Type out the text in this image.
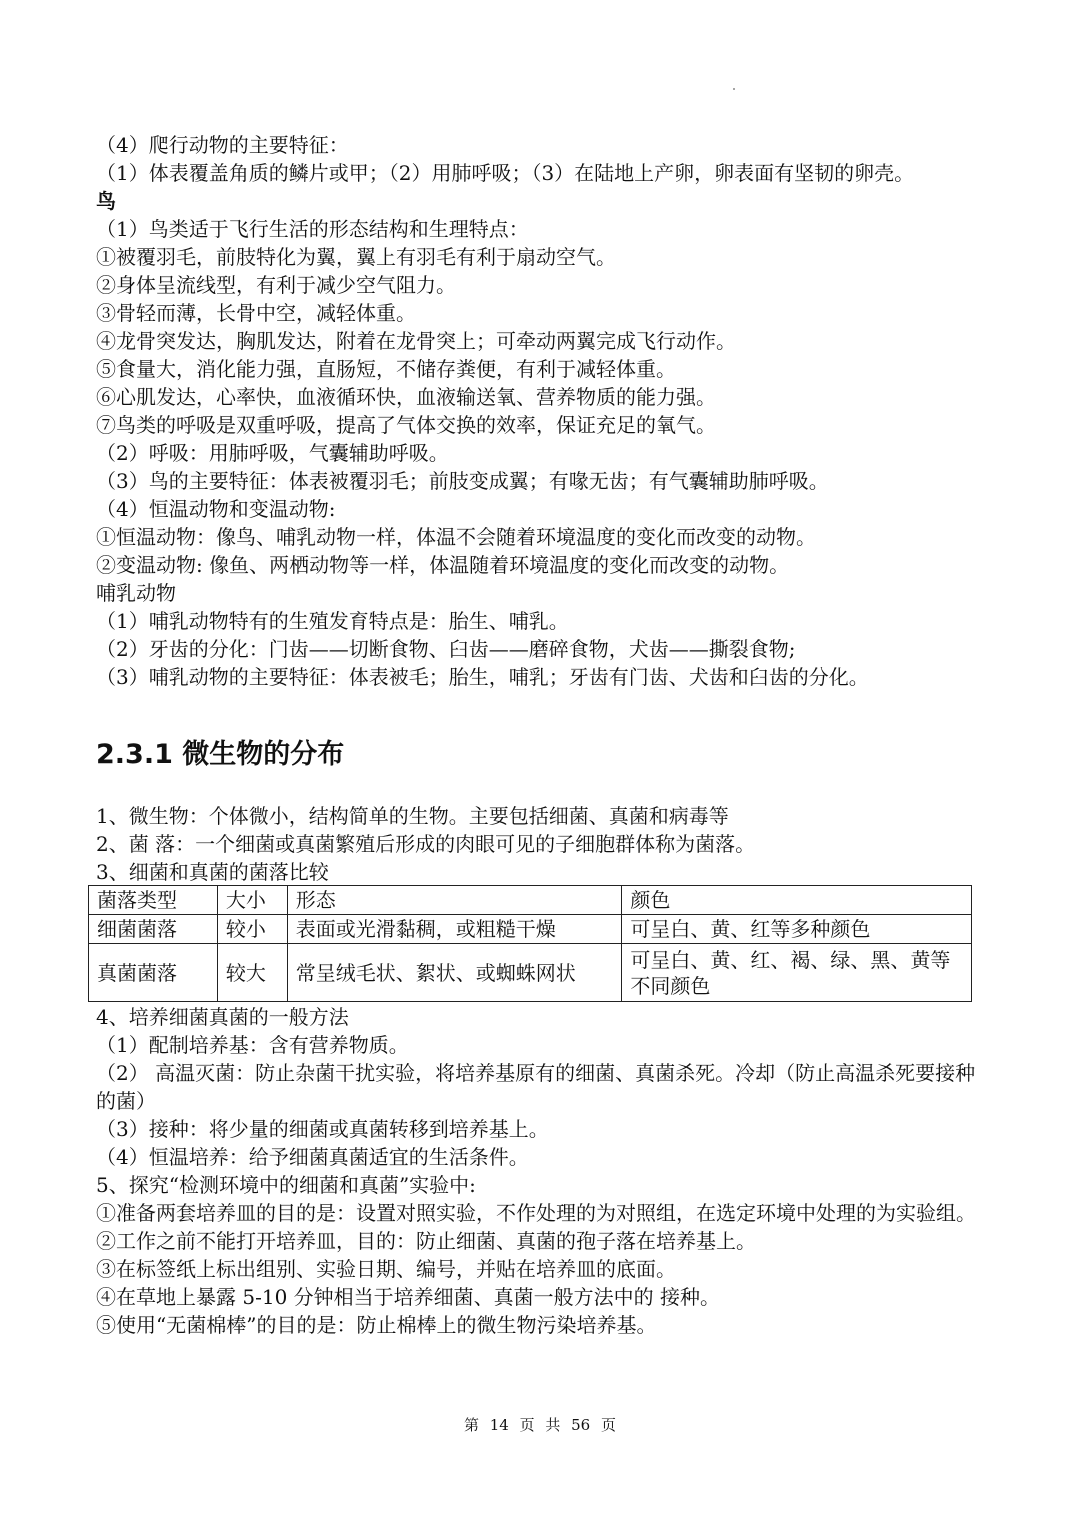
（4）爬行动物的主要特征：
（1）体表覆盖角质的鳞片或甲；（2）用肺呼吸；（3）在陆地上产卵，卵表面有坚韧的卵壳。
鸟
（1）鸟类适于飞行生活的形态结构和生理特点：
①被覆羽毛，前肢特化为翼，翼上有羽毛有利于扇动空气。
②身体呈流线型，有利于减少空气阻力。
③骨轻而薄，长骨中空，减轻体重。
④龙骨突发达，胸肌发达，附着在龙骨突上；可牵动两翼完成飞行动作。
⑤食量大，消化能力强，直肠短，不储存粪便，有利于减轻体重。
⑥心肌发达，心率快，血液循环快，血液输送氧、营养物质的能力强。
⑦鸟类的呼吸是双重呼吸，提高了气体交换的效率，保证充足的氧气。
（2）呼吸：用肺呼吸，气囊辅助呼吸。
（3）鸟的主要特征：体表被覆羽毛；前肢变成翼；有喙无齿；有气囊辅助肺呼吸。
（4）恒温动物和变温动物:
①恒温动物：像鸟、哺乳动物一样，体温不会随着环境温度的变化而改变的动物。
②变温动物: 像鱼、两栖动物等一样，体温随着环境温度的变化而改变的动物。
哺乳动物
（1）哺乳动物特有的生殖发育特点是：胎生、哺乳。
（2）牙齿的分化：门齿——切断食物、臼齿——磨碎食物，犬齿——撕裂食物;
（3）哺乳动物的主要特征：体表被毛；胎生，哺乳；牙齿有门齿、犬齿和臼齿的分化。
2.3.1 微生物的分布
1、微生物：个体微小，结构简单的生物。主要包括细菌、真菌和病毒等
2、菌 落：一个细菌或真菌繁殖后形成的肉眼可见的子细胞群体称为菌落。
3、细菌和真菌的菌落比较
菌落类型	大小	形态	颜色
细菌菌落	较小	表面或光滑黏稠，或粗糙干燥	可呈白、黄、红等多种颜色
真菌菌落	较大	常呈绒毛状、絮状、或蜘蛛网状	可呈白、黄、红、褐、绿、黑、黄等不同颜色
4、培养细菌真菌的一般方法
（1）配制培养基：含有营养物质。
（2） 高温灭菌：防止杂菌干扰实验，将培养基原有的细菌、真菌杀死。冷却（防止高温杀死要接种的菌）
（3）接种：将少量的细菌或真菌转移到培养基上。
（4）恒温培养：给予细菌真菌适宜的生活条件。
5、探究“检测环境中的细菌和真菌”实验中:
①准备两套培养皿的目的是：设置对照实验，不作处理的为对照组，在选定环境中处理的为实验组。
②工作之前不能打开培养皿，目的：防止细菌、真菌的孢子落在培养基上。
③在标签纸上标出组别、实验日期、编号，并贴在培养皿的底面。
④在草地上暴露 5-10 分钟相当于培养细菌、真菌一般方法中的 接种。
⑤使用“无菌棉棒”的目的是：防止棉棒上的微生物污染培养基。
第 14 页 共 56 页
